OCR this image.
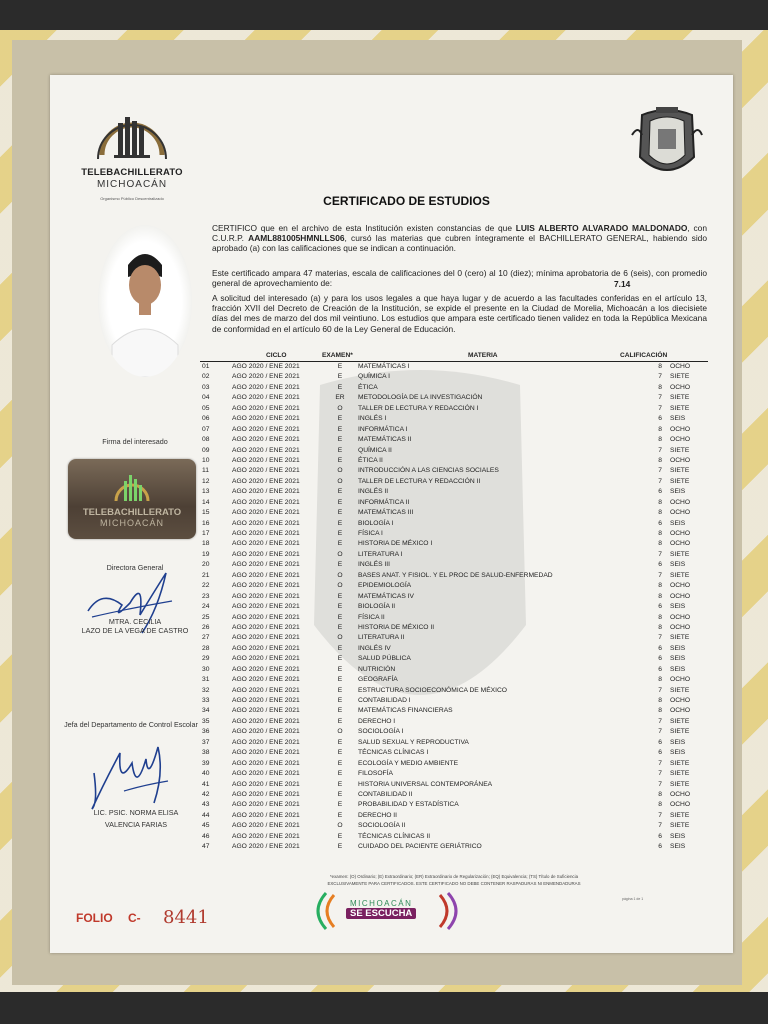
TELEBACHILLERATO
MICHOACÁN
Organismo Público Descentralizado	CERTIFICADO DE ESTUDIOS
CERTIFICO que en el archivo de esta Institución existen constancias de que LUIS ALBERTO ALVARADO MALDONADO, con C.U.R.P. AAML881005HMNLLS06, cursó las materias que cubren íntegramente el BACHILLERATO GENERAL, habiendo sido aprobado (a) con las calificaciones que se indican a continuación.
Este certificado ampara 47 materias, escala de calificaciones del 0 (cero) al 10 (diez); mínima aprobatoria de 6 (seis), con promedio general de aprovechamiento de:	7.14
A solicitud del interesado (a) y para los usos legales a que haya lugar y de acuerdo a las facultades conferidas en el artículo 13, fracción XVII del Decreto de Creación de la Institución, se expide el presente en la Ciudad de Morelia, Michoacán a los diecisiete días del mes de marzo del dos mil veintiuno. Los estudios que ampara este certificado tienen validez en toda la República Mexicana de conformidad en el artículo 60 de la Ley General de Educación.
Firma del interesado
TELEBACHILLERATO
MICHOACÁN
Directora General
MTRA. CECILIA
LAZO DE LA VEGA DE CASTRO
Jefa del Departamento de Control Escolar
LIC. PSIC. NORMA ELISA
VALENCIA FARIAS
CICLO	EXAMEN*	MATERIA	CALIFICACIÓN
01	AGO 2020 / ENE 2021	E	MATEMÁTICAS I	8 OCHO
02	AGO 2020 / ENE 2021	E	QUÍMICA I	7 SIETE
03	AGO 2020 / ENE 2021	E	ÉTICA	8 OCHO
04	AGO 2020 / ENE 2021	ER	METODOLOGÍA DE LA INVESTIGACIÓN	7 SIETE
05	AGO 2020 / ENE 2021	O	TALLER DE LECTURA Y REDACCIÓN I	7 SIETE
06	AGO 2020 / ENE 2021	E	INGLÉS I	6 SEIS
07	AGO 2020 / ENE 2021	E	INFORMÁTICA I	8 OCHO
08	AGO 2020 / ENE 2021	E	MATEMÁTICAS II	8 OCHO
09	AGO 2020 / ENE 2021	E	QUÍMICA II	7 SIETE
10	AGO 2020 / ENE 2021	E	ÉTICA II	8 OCHO
11	AGO 2020 / ENE 2021	O	INTRODUCCIÓN A LAS CIENCIAS SOCIALES	7 SIETE
12	AGO 2020 / ENE 2021	O	TALLER DE LECTURA Y REDACCIÓN II	7 SIETE
13	AGO 2020 / ENE 2021	E	INGLÉS II	6 SEIS
14	AGO 2020 / ENE 2021	E	INFORMÁTICA II	8 OCHO
15	AGO 2020 / ENE 2021	E	MATEMÁTICAS III	8 OCHO
16	AGO 2020 / ENE 2021	E	BIOLOGÍA I	6 SEIS
17	AGO 2020 / ENE 2021	E	FÍSICA I	8 OCHO
18	AGO 2020 / ENE 2021	E	HISTORIA DE MÉXICO I	8 OCHO
19	AGO 2020 / ENE 2021	O	LITERATURA I	7 SIETE
20	AGO 2020 / ENE 2021	E	INGLÉS III	6 SEIS
21	AGO 2020 / ENE 2021	O	BASES ANAT. Y FISIOL. Y EL PROC DE SALUD-ENFERMEDAD	7 SIETE
22	AGO 2020 / ENE 2021	O	EPIDEMIOLOGÍA	8 OCHO
23	AGO 2020 / ENE 2021	E	MATEMÁTICAS IV	8 OCHO
24	AGO 2020 / ENE 2021	E	BIOLOGÍA II	6 SEIS
25	AGO 2020 / ENE 2021	E	FÍSICA II	8 OCHO
26	AGO 2020 / ENE 2021	E	HISTORIA DE MÉXICO II	8 OCHO
27	AGO 2020 / ENE 2021	O	LITERATURA II	7 SIETE
28	AGO 2020 / ENE 2021	E	INGLÉS IV	6 SEIS
29	AGO 2020 / ENE 2021	E	SALUD PÚBLICA	6 SEIS
30	AGO 2020 / ENE 2021	E	NUTRICIÓN	6 SEIS
31	AGO 2020 / ENE 2021	E	GEOGRAFÍA	8 OCHO
32	AGO 2020 / ENE 2021	E	ESTRUCTURA SOCIOECONÓMICA DE MÉXICO	7 SIETE
33	AGO 2020 / ENE 2021	E	CONTABILIDAD I	8 OCHO
34	AGO 2020 / ENE 2021	E	MATEMÁTICAS FINANCIERAS	8 OCHO
35	AGO 2020 / ENE 2021	E	DERECHO I	7 SIETE
36	AGO 2020 / ENE 2021	O	SOCIOLOGÍA I	7 SIETE
37	AGO 2020 / ENE 2021	E	SALUD SEXUAL Y REPRODUCTIVA	6 SEIS
38	AGO 2020 / ENE 2021	E	TÉCNICAS CLÍNICAS I	6 SEIS
39	AGO 2020 / ENE 2021	E	ECOLOGÍA Y MEDIO AMBIENTE	7 SIETE
40	AGO 2020 / ENE 2021	E	FILOSOFÍA	7 SIETE
41	AGO 2020 / ENE 2021	E	HISTORIA UNIVERSAL CONTEMPORÁNEA	7 SIETE
42	AGO 2020 / ENE 2021	E	CONTABILIDAD II	8 OCHO
43	AGO 2020 / ENE 2021	E	PROBABILIDAD Y ESTADÍSTICA	8 OCHO
44	AGO 2020 / ENE 2021	E	DERECHO II	7 SIETE
45	AGO 2020 / ENE 2021	O	SOCIOLOGÍA II	7 SIETE
46	AGO 2020 / ENE 2021	E	TÉCNICAS CLÍNICAS II	6 SEIS
47	AGO 2020 / ENE 2021	E	CUIDADO DEL PACIENTE GERIÁTRICO	6 SEIS
*examen: (O) Ordinario; (E) Extraordinario; (ER) Extraordinario de Regularización; (EQ) Equivalencia; (TS) Título de Suficiencia
EXCLUSIVAMENTE PARA CERTIFICADOS. ESTE CERTIFICADO NO DEBE CONTENER RASPADURAS NI ENMENDADURAS
página 1 de 1
FOLIO C- 8441
MICHOACÁN
SE ESCUCHA
